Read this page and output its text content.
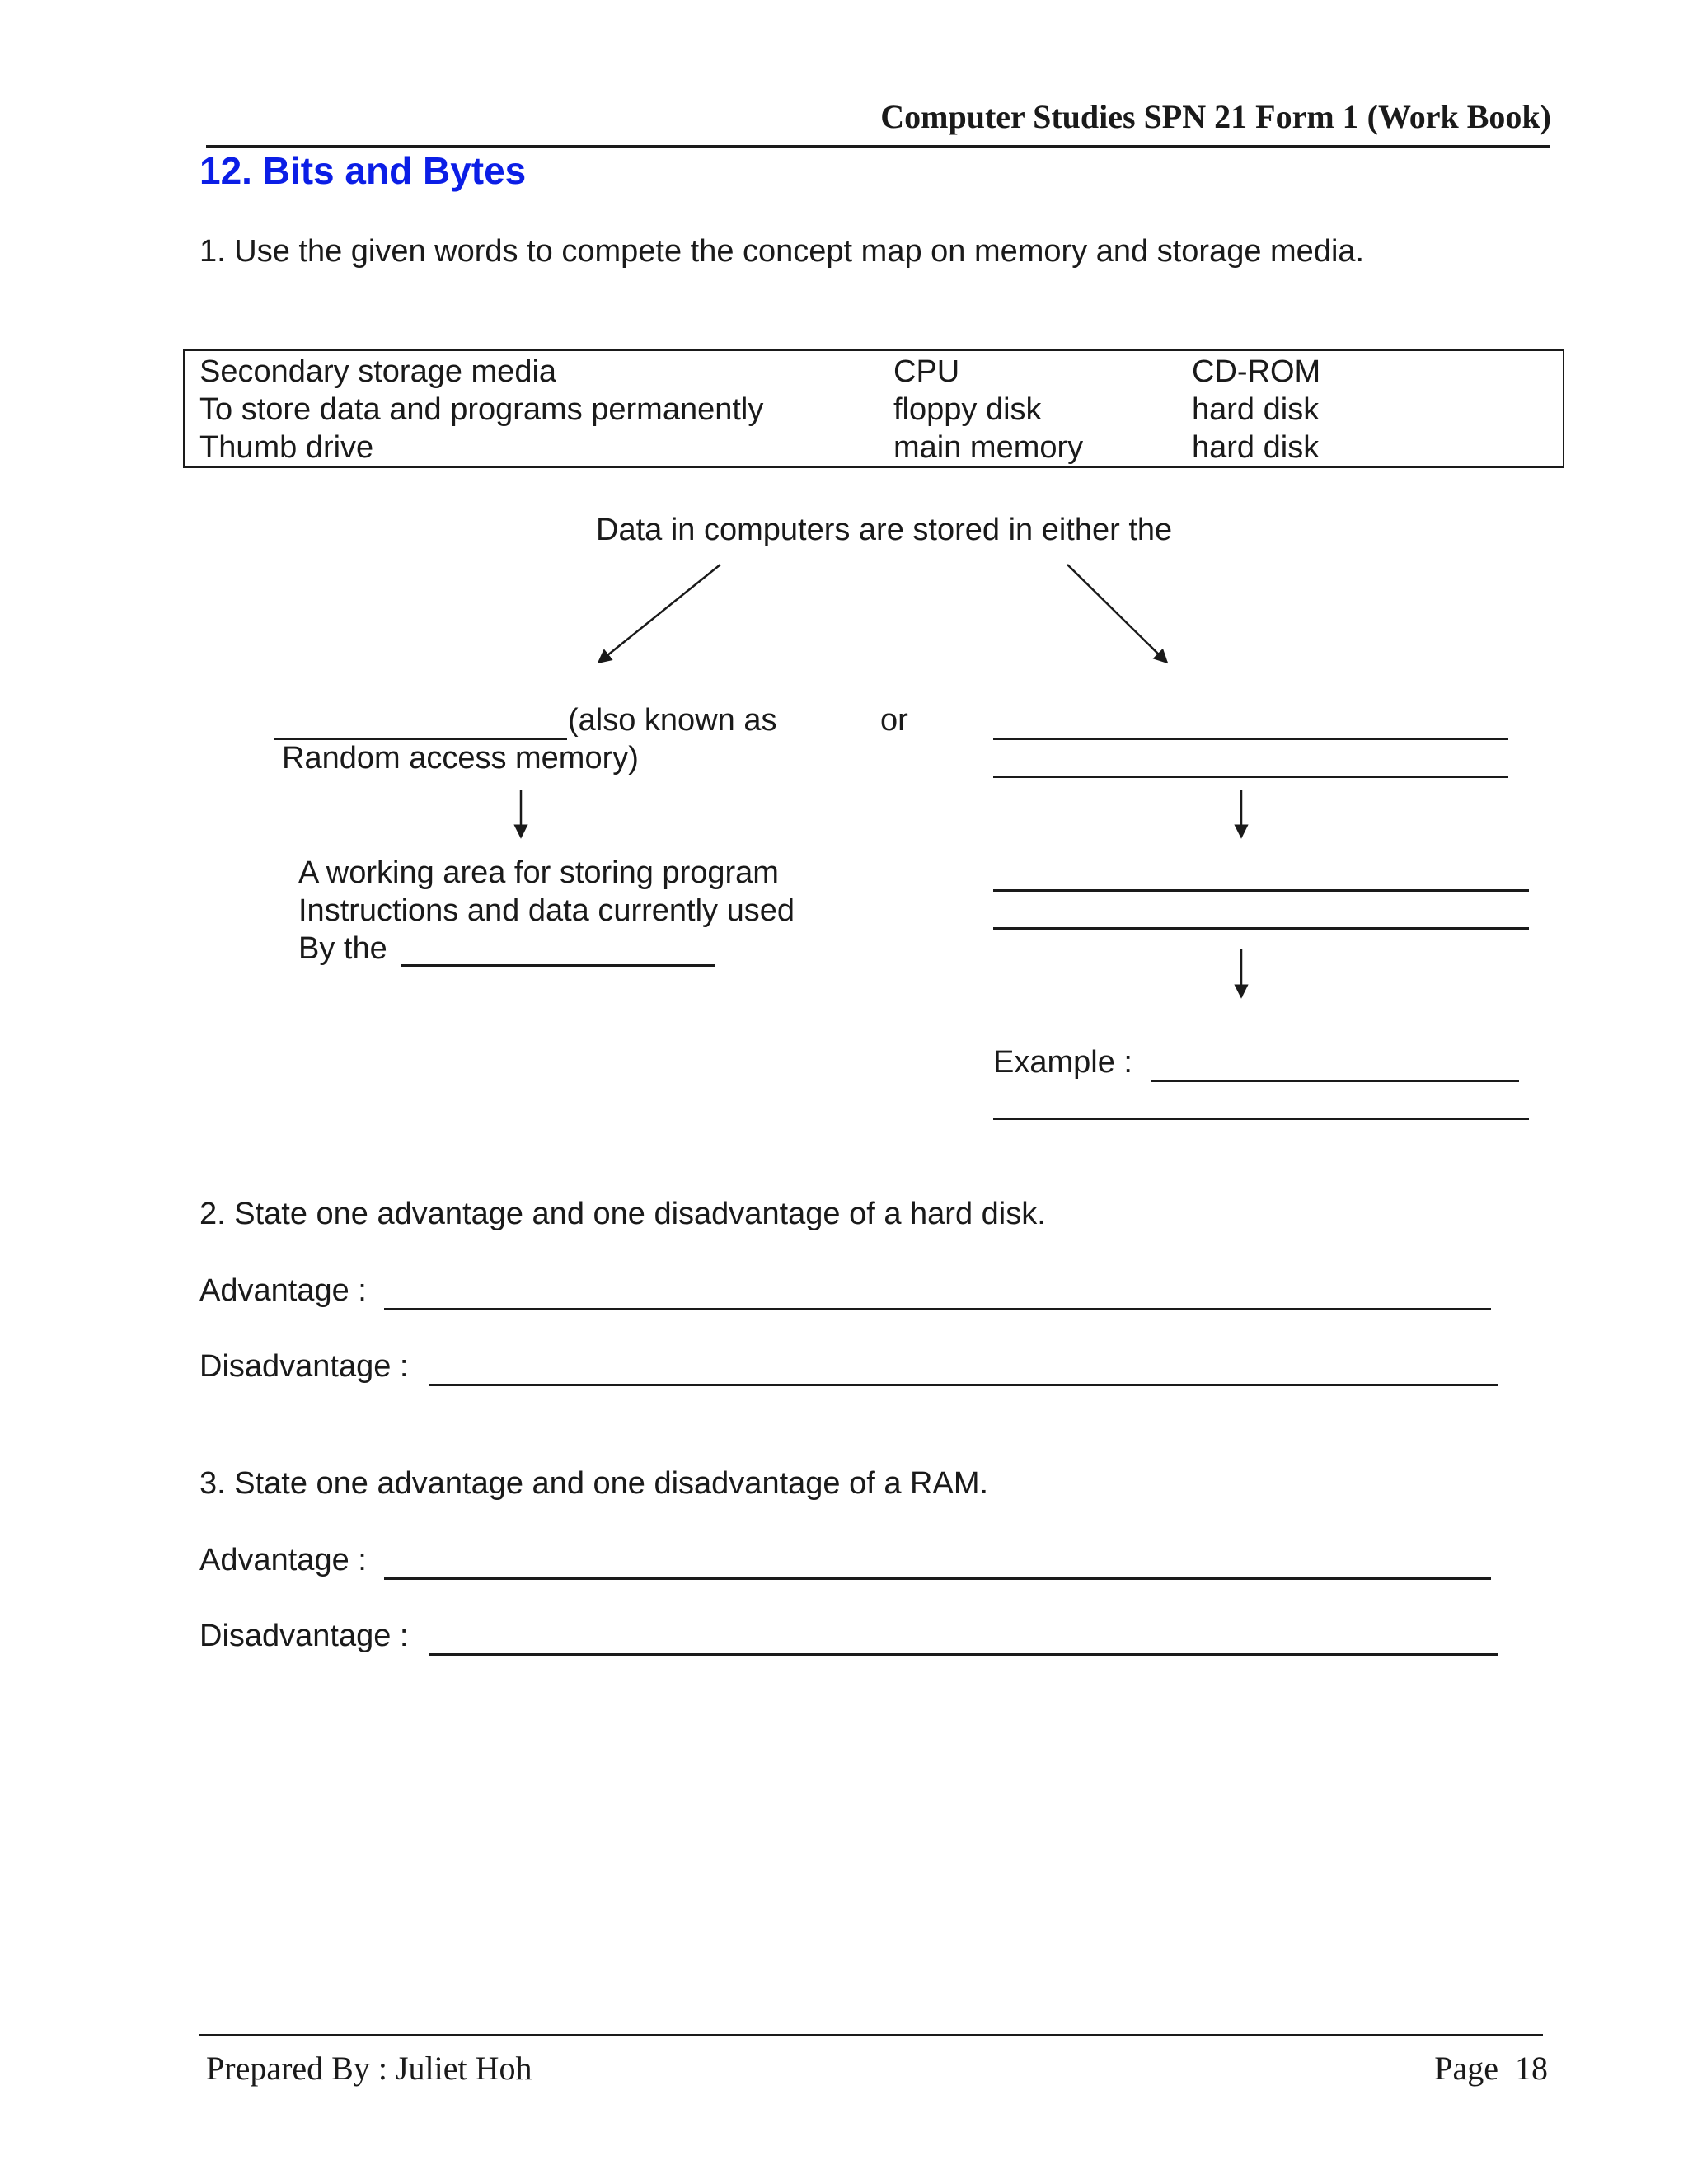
Computer Studies SPN 21 Form 1 (Work Book)
12. Bits and Bytes
1. Use the given words to compete the concept map on memory and storage media.
Secondary storage media	CPU	CD-ROM
To store data and programs permanently	floppy disk	hard disk
Thumb drive	main memory	hard disk
Data in computers are stored in either the
(also known as
Random access memory)
or
A working area for storing program
Instructions and data currently used
By the
Example :
2. State one advantage and one disadvantage of a hard disk.
Advantage :
Disadvantage :
3. State one advantage and one disadvantage of a RAM.
Advantage :
Disadvantage :
Prepared By : Juliet Hoh	Page 18
